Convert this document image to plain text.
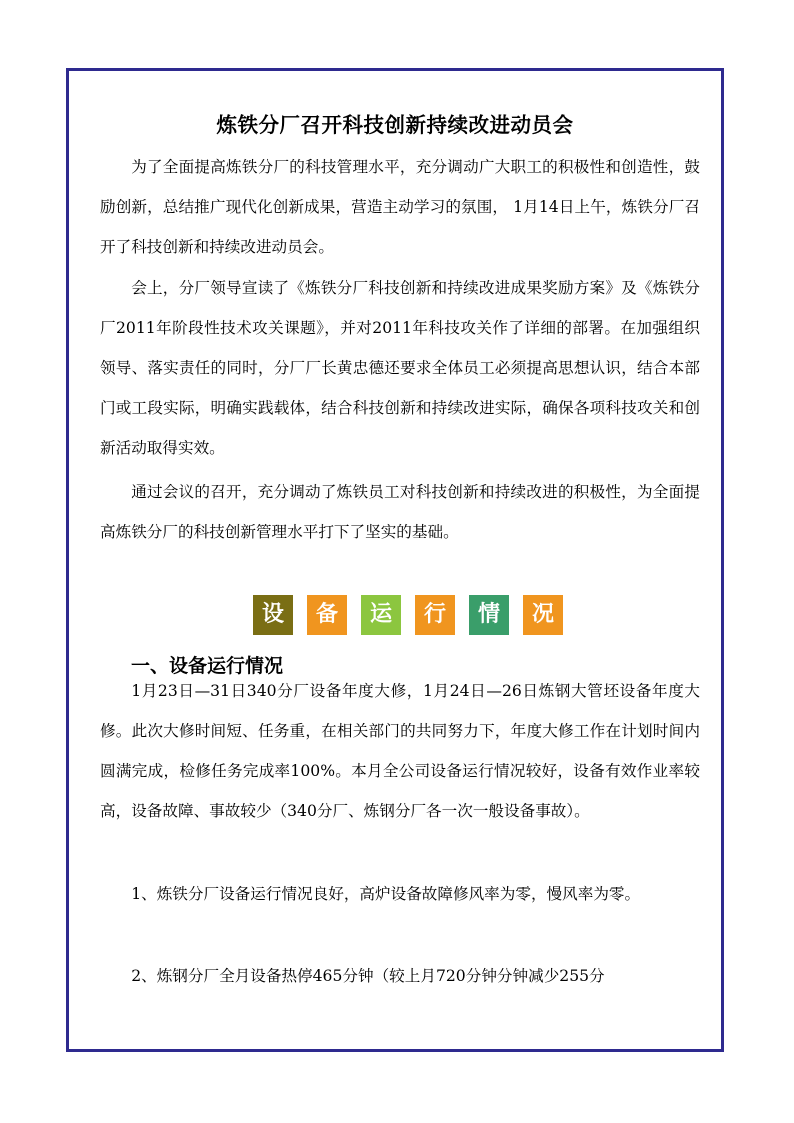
炼铁分厂召开科技创新持续改进动员会

为了全面提高炼铁分厂的科技管理水平，充分调动广大职工的积极性和创造性，鼓励创新，总结推广现代化创新成果，营造主动学习的氛围， 1月14日上午，炼铁分厂召开了科技创新和持续改进动员会。

会上，分厂领导宣读了《炼铁分厂科技创新和持续改进成果奖励方案》及《炼铁分厂2011年阶段性技术攻关课题》，并对2011年科技攻关作了详细的部署。在加强组织领导、落实责任的同时，分厂厂长黄忠德还要求全体员工必须提高思想认识，结合本部门或工段实际，明确实践载体，结合科技创新和持续改进实际，确保各项科技攻关和创新活动取得实效。

通过会议的召开，充分调动了炼铁员工对科技创新和持续改进的积极性，为全面提高炼铁分厂的科技创新管理水平打下了坚实的基础。

设	备	运	行	情	况
一、设备运行情况

1月23日—31日340分厂设备年度大修，1月24日—26日炼钢大管坯设备年度大修。此次大修时间短、任务重，在相关部门的共同努力下，年度大修工作在计划时间内圆满完成，检修任务完成率100%。本月全公司设备运行情况较好，设备有效作业率较高，设备故障、事故较少（340分厂、炼钢分厂各一次一般设备事故）。

1、炼铁分厂设备运行情况良好，高炉设备故障修风率为零，慢风率为零。

2、炼钢分厂全月设备热停465分钟（较上月720分钟分钟减少255分
